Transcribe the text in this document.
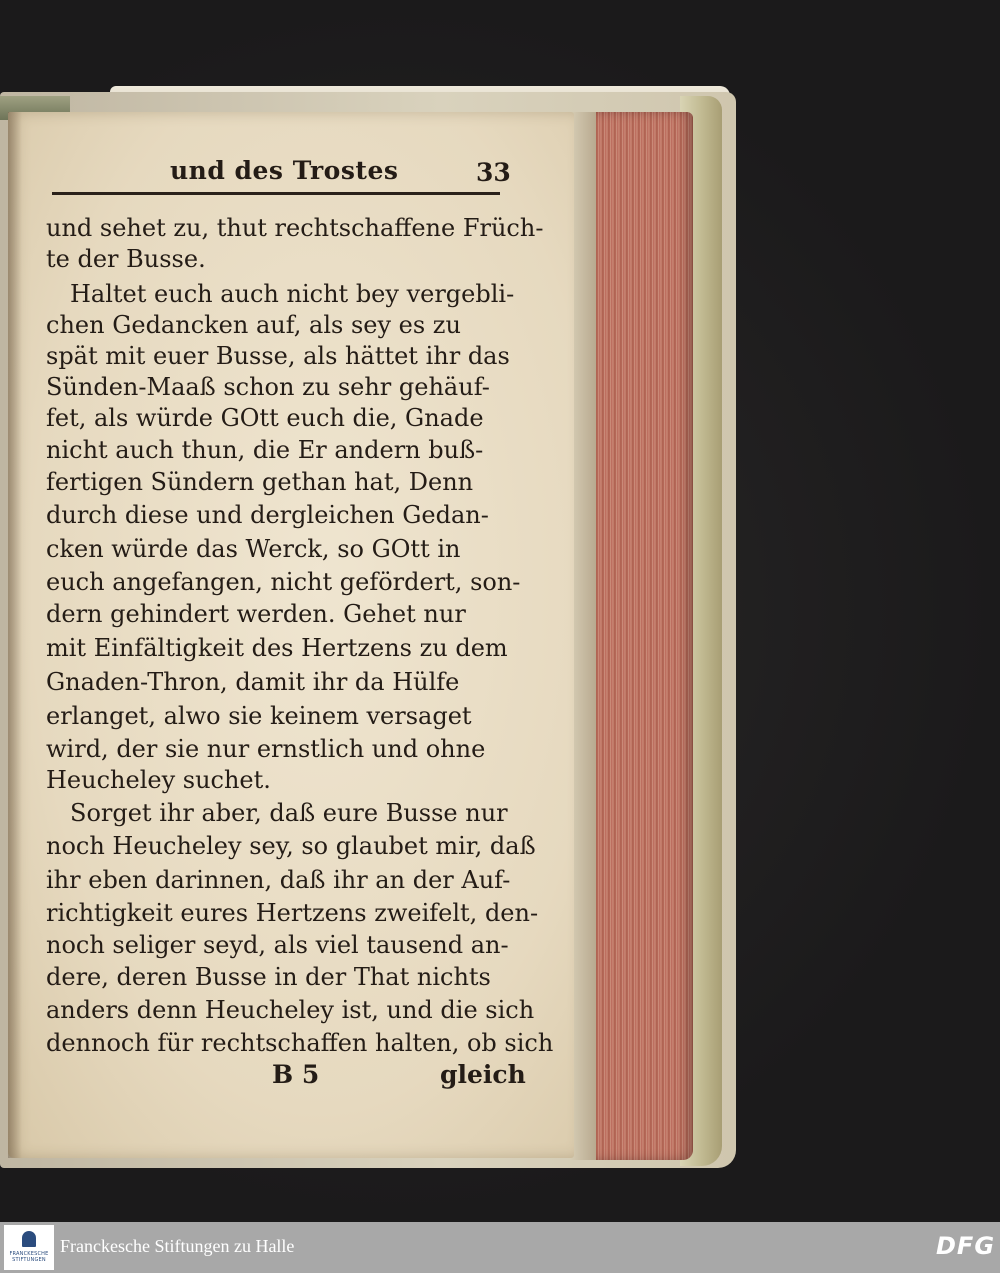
und des Trostes	33
und sehet zu, thut rechtschaffene Früch-
te der Busse.
Haltet euch auch nicht bey vergebli-
chen Gedancken auf, als sey es zu
spät mit euer Busse, als hättet ihr das
Sünden-Maaß schon zu sehr gehäuf-
fet, als würde GOtt euch die, Gnade
nicht auch thun, die Er andern buß-
fertigen Sündern gethan hat, Denn
durch diese und dergleichen Gedan-
cken würde das Werck, so GOtt in
euch angefangen, nicht gefördert, son-
dern gehindert werden. Gehet nur
mit Einfältigkeit des Hertzens zu dem
Gnaden-Thron, damit ihr da Hülfe
erlanget, alwo sie keinem versaget
wird, der sie nur ernstlich und ohne
Heucheley suchet.
Sorget ihr aber, daß eure Busse nur
noch Heucheley sey, so glaubet mir, daß
ihr eben darinnen, daß ihr an der Auf-
richtigkeit eures Hertzens zweifelt, den-
noch seliger seyd, als viel tausend an-
dere, deren Busse in der That nichts
anders denn Heucheley ist, und die sich
dennoch für rechtschaffen halten, ob sich
B 5	gleich
FRANCKESCHE STIFTUNGEN
Franckesche Stiftungen zu Halle	DFG
